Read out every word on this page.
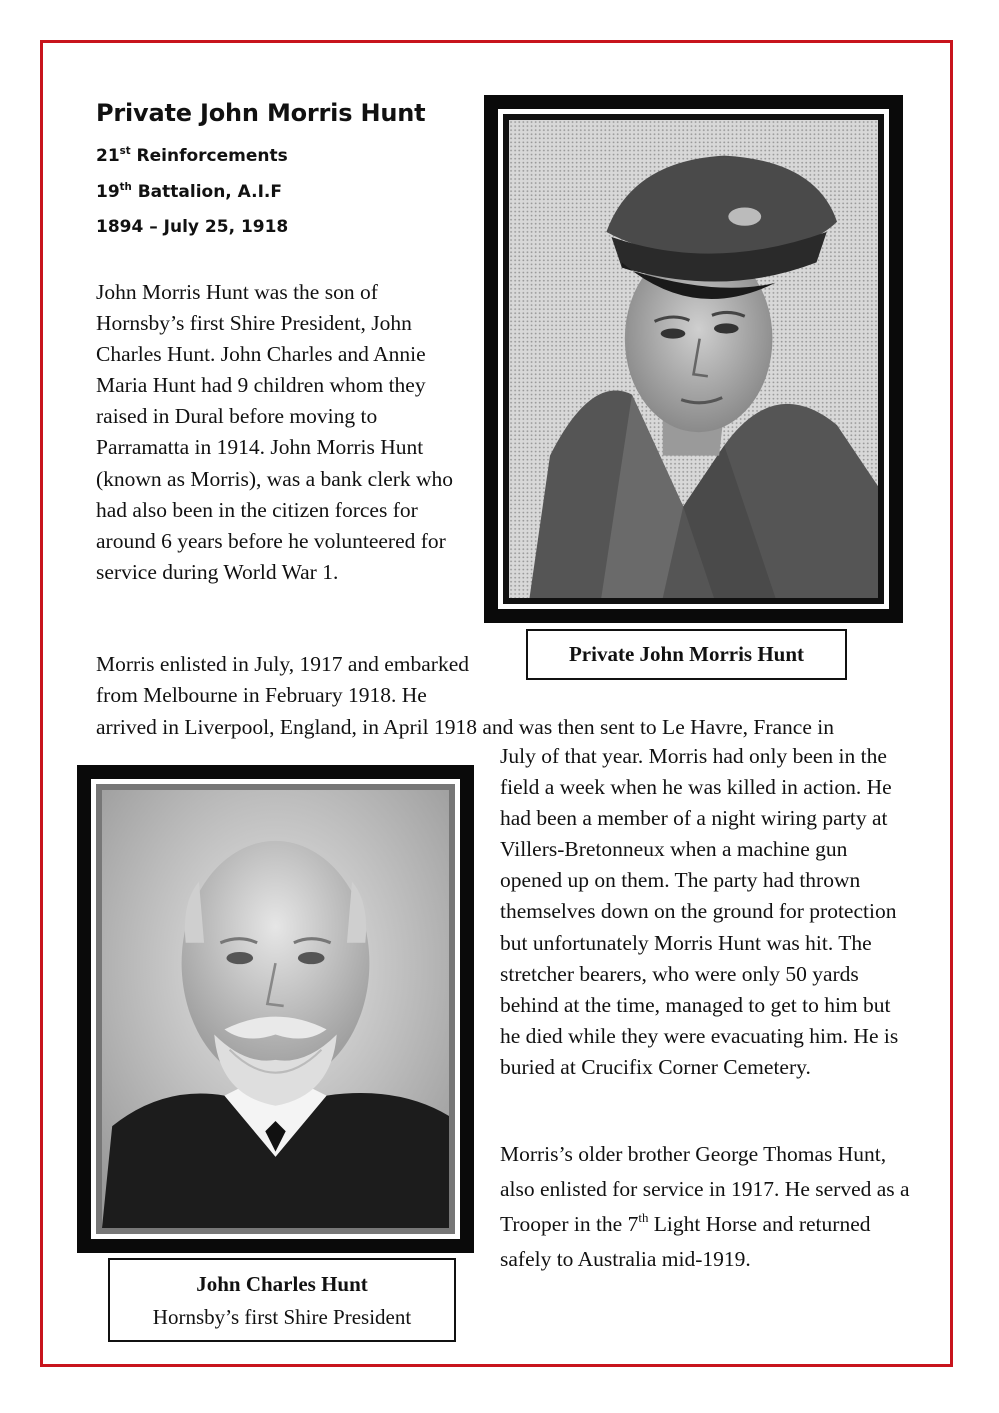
Private John Morris Hunt
21st Reinforcements
19th Battalion, A.I.F
1894 – July 25, 1918

John Morris Hunt was the son of Hornsby’s first Shire President, John Charles Hunt. John Charles and Annie Maria Hunt had 9 children whom they raised in Dural before moving to Parramatta in 1914. John Morris Hunt (known as Morris), was a bank clerk who had also been in the citizen forces for around 6 years before he volunteered for service during World War 1.

Morris enlisted in July, 1917 and embarked from Melbourne in February 1918. He

arrived in Liverpool, England, in April 1918 and was then sent to Le Havre, France in

July of that year. Morris had only been in the field a week when he was killed in action. He had been a member of a night wiring party at Villers-Bretonneux when a machine gun opened up on them. The party had thrown themselves down on the ground for protection but unfortunately Morris Hunt was hit. The stretcher bearers, who were only 50 yards behind at the time, managed to get to him but he died while they were evacuating him. He is buried at Crucifix Corner Cemetery.

Morris’s older brother George Thomas Hunt, also enlisted for service in 1917. He served as a Trooper in the 7th Light Horse and returned safely to Australia mid-1919.

Private John Morris Hunt
John Charles Hunt
Hornsby’s first Shire President
